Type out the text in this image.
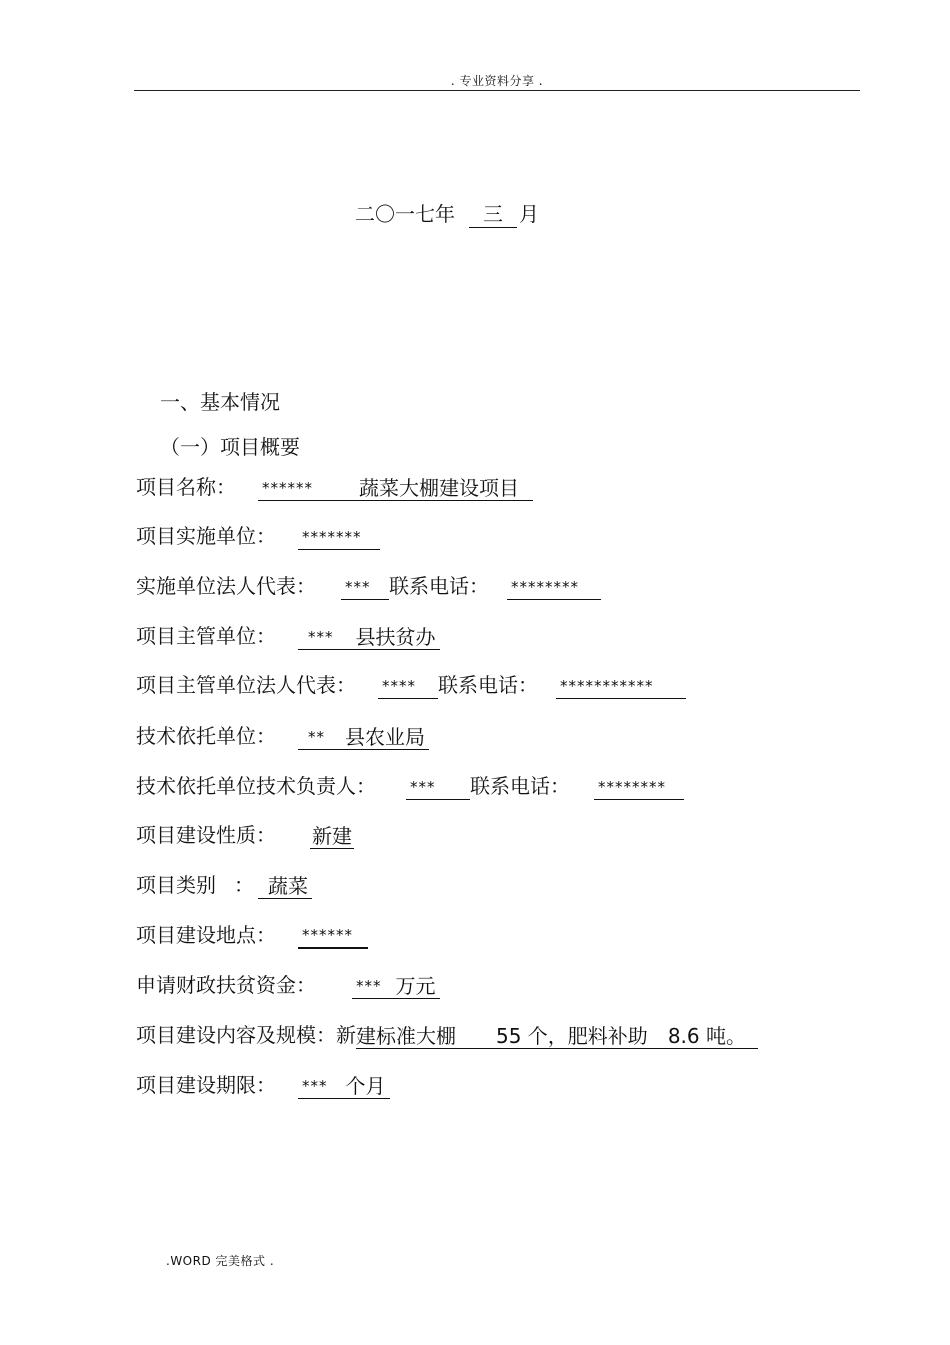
. 专业资料分享 .
二〇一七年 三 月
一、基本情况
（一）项目概要
项目名称： ****** 蔬菜大棚建设项目
项目实施单位： *******
实施单位法人代表： *** 联系电话： ********
项目主管单位：	*** 县扶贫办
项目主管单位法人代表： ****	联系电话： ***********
技术依托单位：	** 县农业局
技术依托单位技术负责人： ***	联系电话： ********
项目建设性质： 新建
项目类别 ： 蔬菜
项目建设地点： ******
申请财政扶贫资金：	*** 万元
项目建设内容及规模：新 建标准大棚 55 个，肥料补助 8.6 吨。
项目建设期限： *** 个月
.WORD 完美格式 .
